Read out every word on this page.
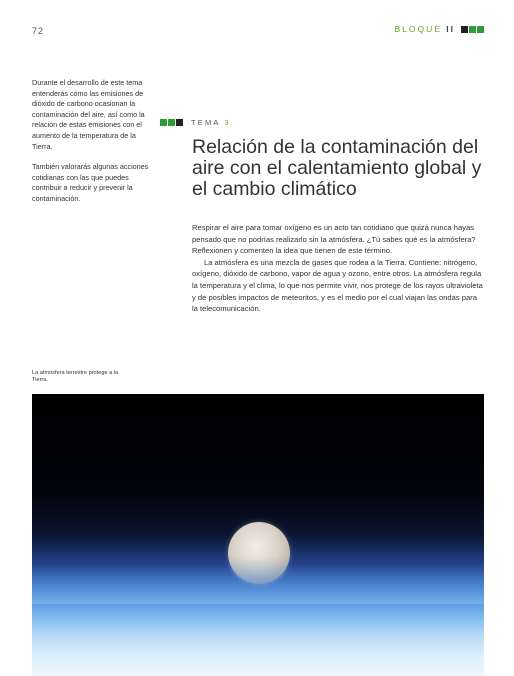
72	BLOQUE II

Durante el desarrollo de este tema entenderás cómo las emisiones de dióxido de carbono ocasionan la contaminación del aire, así como la relación de estas emisiones con el aumento de la temperatura de la Tierra.

También valorarás algunas acciones cotidianas con las que puedes contribuir a reducir y prevenir la contaminación.

TEMA 3
Relación de la contaminación del aire con el calentamiento global y el cambio climático

Respirar el aire para tomar oxígeno es un acto tan cotidiano que quizá nunca hayas pensado que no podrías realizarlo sin la atmósfera. ¿Tú sabes qué es la atmósfera? Reflexionen y comenten la idea que tienen de este término.

La atmósfera es una mezcla de gases que rodea a la Tierra. Contiene: nitrógeno, oxígeno, dióxido de carbono, vapor de agua y ozono, entre otros. La atmósfera regula la temperatura y el clima, lo que nos permite vivir, nos protege de los rayos ultravioleta y de posibles impactos de meteoritos, y es el medio por el cual viajan las ondas para la telecomunicación.

La atmósfera terrestre protege a la Tierra.
